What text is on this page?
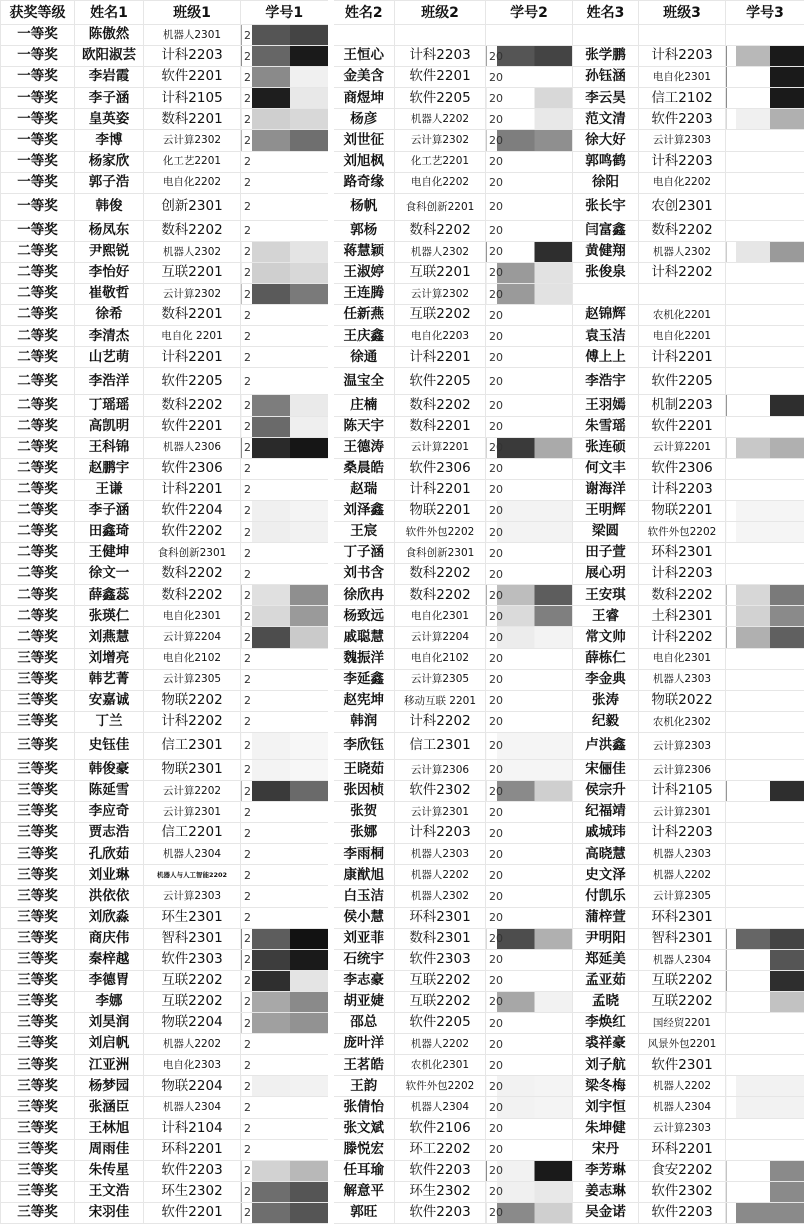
获奖等级	姓名1	班级1	学号1	姓名2	班级2	学号2	姓名3	班级3	学号3
一等奖	陈傲然	机器人2301	2						
一等奖	欧阳淑芸	计科2203	2	王恒心	计科2203	20	张学鹏	计科2203	
一等奖	李岩霞	软件2201	2	金美含	软件2201	20	孙钰涵	电自化2301	
一等奖	李子涵	计科2105	2	商煜坤	软件2205	20	李云昊	信工2102	
一等奖	皇英姿	数科2201	2	杨彦	机器人2202	20	范文清	软件2203	
一等奖	李博	云计算2302	2	刘世征	云计算2302	20	徐大好	云计算2303	
一等奖	杨家欣	化工艺2201	2	刘旭枫	化工艺2201	20	郭鸣鹤	计科2203	
一等奖	郭子浩	电自化2202	2	路奇缘	电自化2202	20	徐阳	电自化2202	
一等奖	韩俊	创新2301	2	杨帆	食科创新2201	20	张长宇	农创2301	
一等奖	杨凤东	数科2202	2	郭杨	数科2202	20	闫富鑫	数科2202	
二等奖	尹熙锐	机器人2302	2	蒋慧颖	机器人2302	20	黄健翔	机器人2302	
二等奖	李怡好	互联2201	2	王淑婷	互联2201	20	张俊泉	计科2202	
二等奖	崔敬哲	云计算2302	2	王连腾	云计算2302	20			
二等奖	徐希	数科2201	2	任新燕	互联2202	20	赵锦辉	农机化2201	
二等奖	李清杰	电自化 2201	2	王庆鑫	电自化2203	20	袁玉洁	电自化2201	
二等奖	山艺萌	计科2201	2	徐通	计科2201	20	傅上上	计科2201	
二等奖	李浩洋	软件2205	2	温宝全	软件2205	20	李浩宇	软件2205	
二等奖	丁瑶瑶	数科2202	2	庄楠	数科2202	20	王羽嫣	机制2203	
二等奖	高凯明	软件2201	2	陈天宇	数科2201	20	朱雪瑶	软件2201	
二等奖	王科锦	机器人2306	2	王德涛	云计算2201	20	张连硕	云计算2201	
二等奖	赵鹏宇	软件2306	2	桑晨皓	软件2306	20	何文丰	软件2306	
二等奖	王谦	计科2201	2	赵瑞	计科2201	20	谢海洋	计科2203	
二等奖	李子涵	软件2204	2	刘泽鑫	物联2201	20	王明辉	物联2201	
二等奖	田鑫琦	软件2202	2	王宸	软件外包2202	20	梁圆	软件外包2202	
二等奖	王健坤	食科创新2301	2	丁子涵	食科创新2301	20	田子萱	环科2301	
二等奖	徐文一	数科2202	2	刘书含	数科2202	20	展心玥	计科2203	
二等奖	薛鑫蕊	数科2202	2	徐欣冉	数科2202	20	王安琪	数科2202	
二等奖	张瑛仁	电自化2301	2	杨致远	电自化2301	20	王睿	土科2301	
二等奖	刘燕慧	云计算2204	2	戚聪慧	云计算2204	20	常文帅	计科2202	
三等奖	刘增亮	电自化2102	2	魏振洋	电自化2102	20	薛栋仁	电自化2301	
三等奖	韩艺菁	云计算2305	2	李延鑫	云计算2305	20	李金典	机器人2303	
三等奖	安嘉诚	物联2202	2	赵宪坤	移动互联 2201	20	张涛	物联2022	
三等奖	丁兰	计科2202	2	韩润	计科2202	20	纪毅	农机化2302	
三等奖	史钰佳	信工2301	2	李欣钰	信工2301	20	卢洪鑫	云计算2303	
三等奖	韩俊豪	物联2301	2	王晓茹	云计算2306	20	宋俪佳	云计算2306	
三等奖	陈延雪	云计算2202	2	张因桢	软件2302	20	侯宗升	计科2105	
三等奖	李应奇	云计算2301	2	张贺	云计算2301	20	纪福靖	云计算2301	
三等奖	贾志浩	信工2201	2	张娜	计科2203	20	戚城玮	计科2203	
三等奖	孔欣茹	机器人2304	2	李雨桐	机器人2303	20	高晓慧	机器人2303	
三等奖	刘业琳	机器人与人工智能2202	2	康猷旭	机器人2202	20	史文泽	机器人2202	
三等奖	洪依依	云计算2303	2	白玉洁	机器人2302	20	付凯乐	云计算2305	
三等奖	刘欣淼	环生2301	2	侯小慧	环科2301	20	蒲梓萱	环科2301	
三等奖	商庆伟	智科2301	2	刘亚菲	数科2301	20	尹明阳	智科2301	
三等奖	秦梓越	软件2303	2	石统宇	软件2303	20	郑延美	机器人2304	
三等奖	李德胃	互联2202	2	李志豪	互联2202	20	孟亚茹	互联2202	
三等奖	李娜	互联2202	2	胡亚婕	互联2202	20	孟晓	互联2202	
三等奖	刘昊润	物联2204	2	邵总	软件2205	20	李焕红	国经贸2201	
三等奖	刘启帆	机器人2202	2	庞叶洋	机器人2202	20	裘祥豪	风景外包2201	
三等奖	江亚洲	电自化2303	2	王茗皓	农机化2301	20	刘子航	软件2301	
三等奖	杨梦园	物联2204	2	王韵	软件外包2202	20	梁冬梅	机器人2202	
三等奖	张涵臣	机器人2304	2	张倩怡	机器人2304	20	刘宇恒	机器人2304	
三等奖	王林旭	计科2104	2	张文斌	软件2106	20	朱坤健	云计算2303	
三等奖	周雨佳	环科2201	2	滕悦宏	环工2202	20	宋丹	环科2201	
三等奖	朱传星	软件2203	2	任耳瑜	软件2203	20	李芳琳	食安2202	
三等奖	王文浩	环生2302	2	解意平	环生2302	20	姜志琳	软件2302	
三等奖	宋羽佳	软件2201	2	郭旺	软件2203	20	吴金诺	软件2203	
